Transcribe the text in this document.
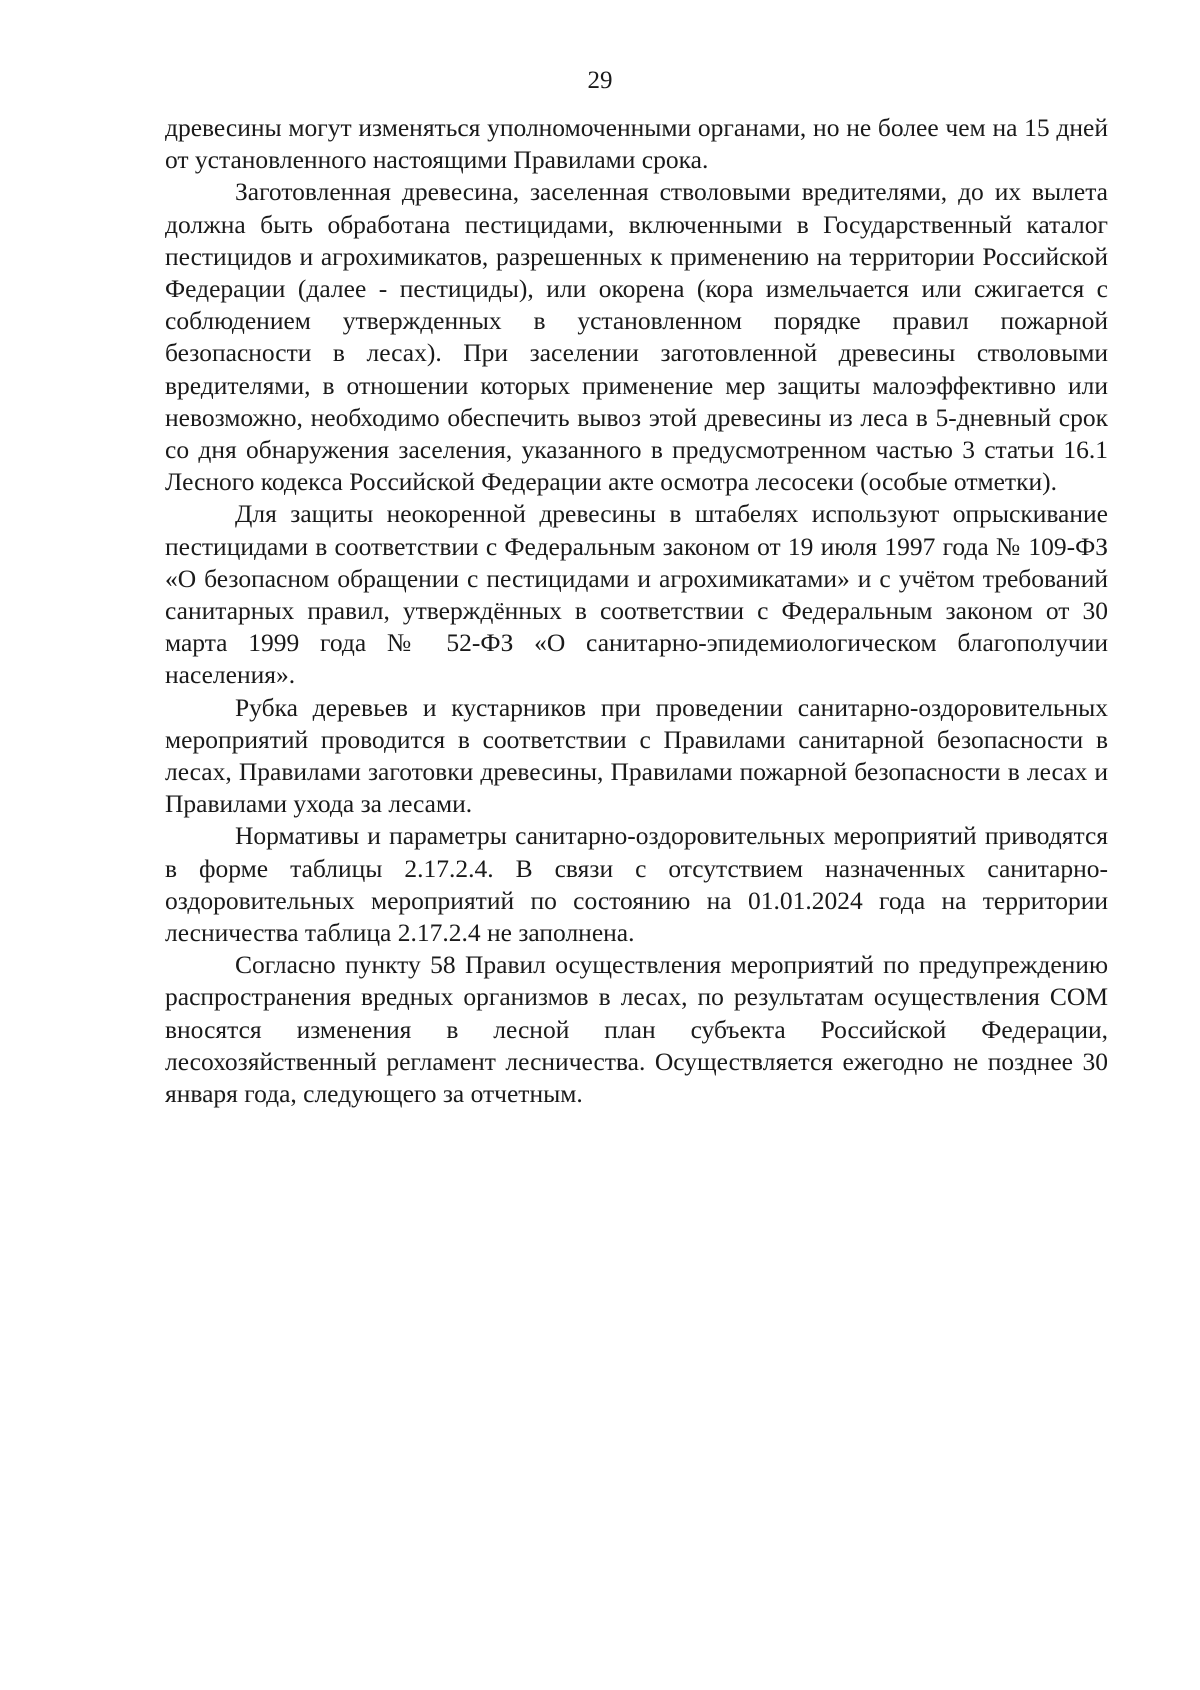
29

древесины могут изменяться уполномоченными органами, но не более чем на 15 дней от установленного настоящими Правилами срока.

Заготовленная древесина, заселенная стволовыми вредителями, до их вылета должна быть обработана пестицидами, включенными в Государственный каталог пестицидов и агрохимикатов, разрешенных к применению на территории Российской Федерации (далее - пестициды), или окорена (кора измельчается или сжигается с соблюдением утвержденных в установленном порядке правил пожарной безопасности в лесах). При заселении заготовленной древесины стволовыми вредителями, в отношении которых применение мер защиты малоэффективно или невозможно, необходимо обеспечить вывоз этой древесины из леса в 5-дневный срок со дня обнаружения заселения, указанного в предусмотренном частью 3 статьи 16.1 Лесного кодекса Российской Федерации акте осмотра лесосеки (особые отметки).

Для защиты неокоренной древесины в штабелях используют опрыскивание пестицидами в соответствии с Федеральным законом от 19 июля 1997 года № 109-ФЗ «О безопасном обращении с пестицидами и агрохимикатами» и с учётом требований санитарных правил, утверждённых в соответствии с Федеральным законом от 30 марта 1999 года № 52-ФЗ «О санитарно-эпидемиологическом благополучии населения».

Рубка деревьев и кустарников при проведении санитарно-оздоровительных мероприятий проводится в соответствии с Правилами санитарной безопасности в лесах, Правилами заготовки древесины, Правилами пожарной безопасности в лесах и Правилами ухода за лесами.

Нормативы и параметры санитарно-оздоровительных мероприятий приводятся в форме таблицы 2.17.2.4. В связи с отсутствием назначенных санитарно-оздоровительных мероприятий по состоянию на 01.01.2024 года на территории лесничества таблица 2.17.2.4 не заполнена.

Согласно пункту 58 Правил осуществления мероприятий по предупреждению распространения вредных организмов в лесах, по результатам осуществления СОМ вносятся изменения в лесной план субъекта Российской Федерации, лесохозяйственный регламент лесничества. Осуществляется ежегодно не позднее 30 января года, следующего за отчетным.
